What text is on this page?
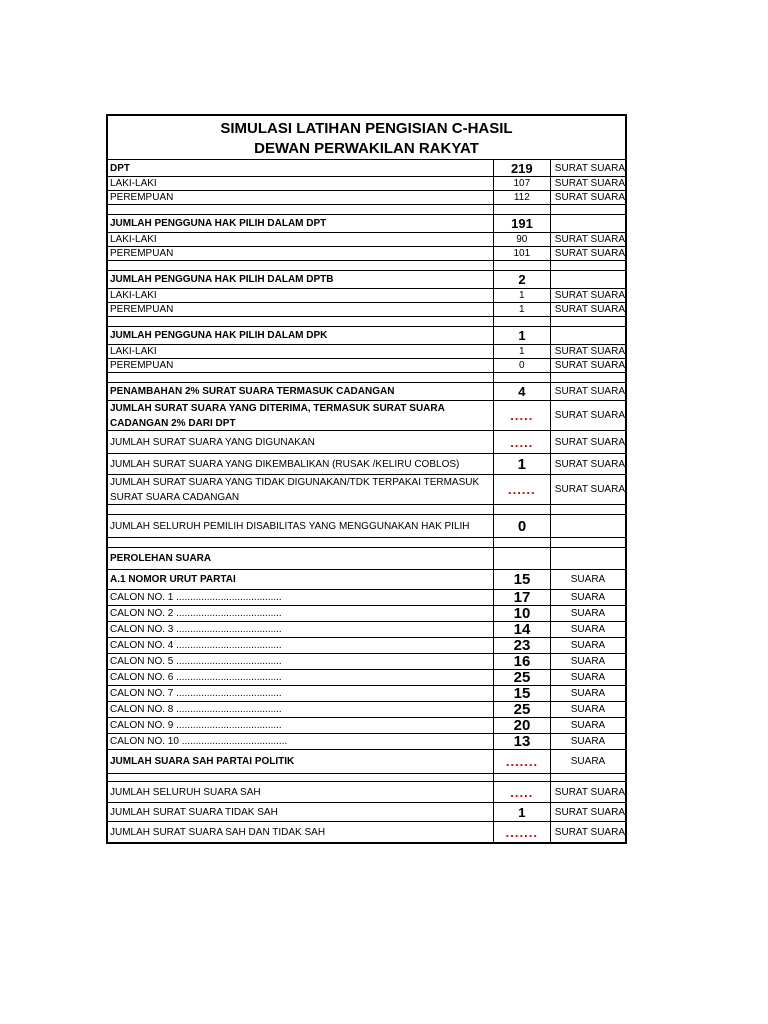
SIMULASI LATIHAN PENGISIAN C-HASIL
DEWAN PERWAKILAN RAKYAT
DPT	219	SURAT SUARA
LAKI-LAKI	107	SURAT SUARA
PEREMPUAN	112	SURAT SUARA
JUMLAH PENGGUNA HAK PILIH DALAM DPT	191
LAKI-LAKI	90	SURAT SUARA
PEREMPUAN	101	SURAT SUARA
JUMLAH PENGGUNA HAK PILIH DALAM DPTB	2
LAKI-LAKI	1	SURAT SUARA
PEREMPUAN	1	SURAT SUARA
JUMLAH PENGGUNA HAK PILIH DALAM DPK	1
LAKI-LAKI	1	SURAT SUARA
PEREMPUAN	0	SURAT SUARA
PENAMBAHAN 2% SURAT SUARA TERMASUK CADANGAN	4	SURAT SUARA
JUMLAH SURAT SUARA YANG DITERIMA, TERMASUK SURAT SUARA CADANGAN 2% DARI DPT	.....	SURAT SUARA
JUMLAH SURAT SUARA YANG DIGUNAKAN	.....	SURAT SUARA
JUMLAH SURAT SUARA YANG DIKEMBALIKAN (RUSAK /KELIRU COBLOS)	1	SURAT SUARA
JUMLAH SURAT SUARA YANG TIDAK DIGUNAKAN/TDK TERPAKAI TERMASUK SURAT SUARA CADANGAN	......	SURAT SUARA
JUMLAH SELURUH PEMILIH DISABILITAS YANG MENGGUNAKAN HAK PILIH	0
PEROLEHAN SUARA
A.1 NOMOR URUT PARTAI	15	SUARA
CALON NO. 1 ......................................	17	SUARA
CALON NO. 2 ......................................	10	SUARA
CALON NO. 3 ......................................	14	SUARA
CALON NO. 4 ......................................	23	SUARA
CALON NO. 5 ......................................	16	SUARA
CALON NO. 6 ......................................	25	SUARA
CALON NO. 7 ......................................	15	SUARA
CALON NO. 8 ......................................	25	SUARA
CALON NO. 9 ......................................	20	SUARA
CALON NO. 10 ......................................	13	SUARA
JUMLAH SUARA SAH PARTAI POLITIK	.......	SUARA
JUMLAH SELURUH SUARA SAH	.....	SURAT SUARA
JUMLAH SURAT SUARA TIDAK SAH	1	SURAT SUARA
JUMLAH SURAT SUARA SAH DAN TIDAK SAH	.......	SURAT SUARA
